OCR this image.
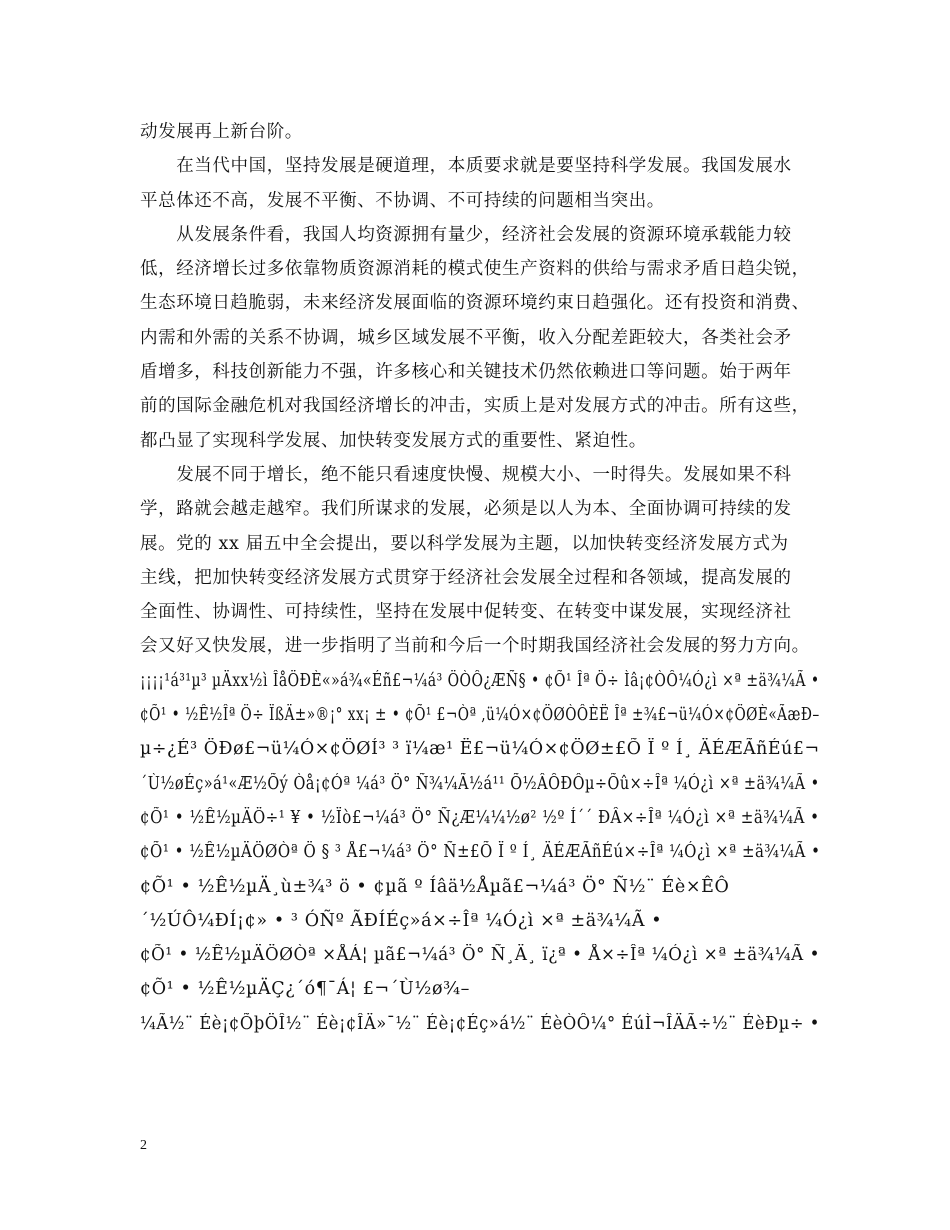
动发展再上新台阶。
　　在当代中国，坚持发展是硬道理，本质要求就是要坚持科学发展。我国发展水
平总体还不高，发展不平衡、不协调、不可持续的问题相当突出。
　　从发展条件看，我国人均资源拥有量少，经济社会发展的资源环境承载能力较
低，经济增长过多依靠物质资源消耗的模式使生产资料的供给与需求矛盾日趋尖锐，
生态环境日趋脆弱，未来经济发展面临的资源环境约束日趋强化。还有投资和消费、
内需和外需的关系不协调，城乡区域发展不平衡，收入分配差距较大，各类社会矛
盾增多，科技创新能力不强，许多核心和关键技术仍然依赖进口等问题。始于两年
前的国际金融危机对我国经济增长的冲击，实质上是对发展方式的冲击。所有这些，
都凸显了实现科学发展、加快转变发展方式的重要性、紧迫性。
　　发展不同于增长，绝不能只看速度快慢、规模大小、一时得失。发展如果不科
学，路就会越走越窄。我们所谋求的发展，必须是以人为本、全面协调可持续的发
展。党的 xx 届五中全会提出，要以科学发展为主题，以加快转变经济发展方式为
主线，把加快转变经济发展方式贯穿于经济社会发展全过程和各领域，提高发展的
全面性、协调性、可持续性，坚持在发展中促转变、在转变中谋发展，实现经济社
会又好又快发展，进一步指明了当前和今后一个时期我国经济社会发展的努力方向。
¡¡¡¡¹á³¹µ³ µÄxx½ì ÎåÖÐÈ«»á¾«Éñ£¬¼á³ ÖÒÔ¿ÆÑ§ • ¢Õ¹ Îª Ö÷ Ìâ¡¢ÒÔ¼Ó¿ì ×ª ±ä¾¼Ã •
¢Õ¹ • ½Ê½Îª Ö÷ ÏßÄ±»®¡° xx¡ ± • ¢Õ¹ £¬Òª ,ü¼Ó×¢ÖØÒÔÈË Îª ±¾£¬ü¼Ó×¢ÖØÈ«ÃæÐ–
µ÷¿É³ ÖÐø£¬ü¼Ó×¢ÖØÍ³ ³ ï¼æ¹ Ë£¬ü¼Ó×¢ÖØ±£Õ Ï º Í¸ ÄÉÆÃñÉú£¬
´Ù½øÉç»á¹«Æ½Õý Òå¡¢Óª ¼á³ Ö° Ñ¾¼Ã½á¹¹ Õ½ÂÔÐÔµ÷Õû×÷Îª ¼Ó¿ì ×ª ±ä¾¼Ã •
¢Õ¹ • ½Ê½µÄÖ÷¹ ¥ • ½Ïò£¬¼á³ Ö° Ñ¿Æ¼¼½ø² ½º Í´´ ÐÂ×÷Îª ¼Ó¿ì ×ª ±ä¾¼Ã •
¢Õ¹ • ½Ê½µÄÖØÒª Ö § ³ Å£¬¼á³ Ö° Ñ±£Õ Ï º Í¸ ÄÉÆÃñÉú×÷Îª ¼Ó¿ì ×ª ±ä¾¼Ã •
¢Õ¹ • ½Ê½µÄ¸ù±¾³ ö • ¢µã º Íâä½Åµã£¬¼á³ Ö° Ñ½¨ Éè×ÊÔ
´½ÚÔ¼ÐÍ¡¢» • ³ ÓÑº ÃÐÍÉç»á×÷Îª ¼Ó¿ì ×ª ±ä¾¼Ã •
¢Õ¹ • ½Ê½µÄÖØÒª ×ÅÁ¦ µã£¬¼á³ Ö° Ñ¸Ä¸ ï¿ª • Å×÷Îª ¼Ó¿ì ×ª ±ä¾¼Ã •
¢Õ¹ • ½Ê½µÄÇ¿´ó¶¯Á¦ £¬´Ù½ø¾–
¼Ã½¨ Éè¡¢ÕþÖÎ½¨ Éè¡¢ÎÄ»¯½¨ Éè¡¢Éç»á½¨ ÉèÒÔ¼° ÉúÌ¬ÎÄÃ÷½¨ ÉèÐµ÷ •
2
